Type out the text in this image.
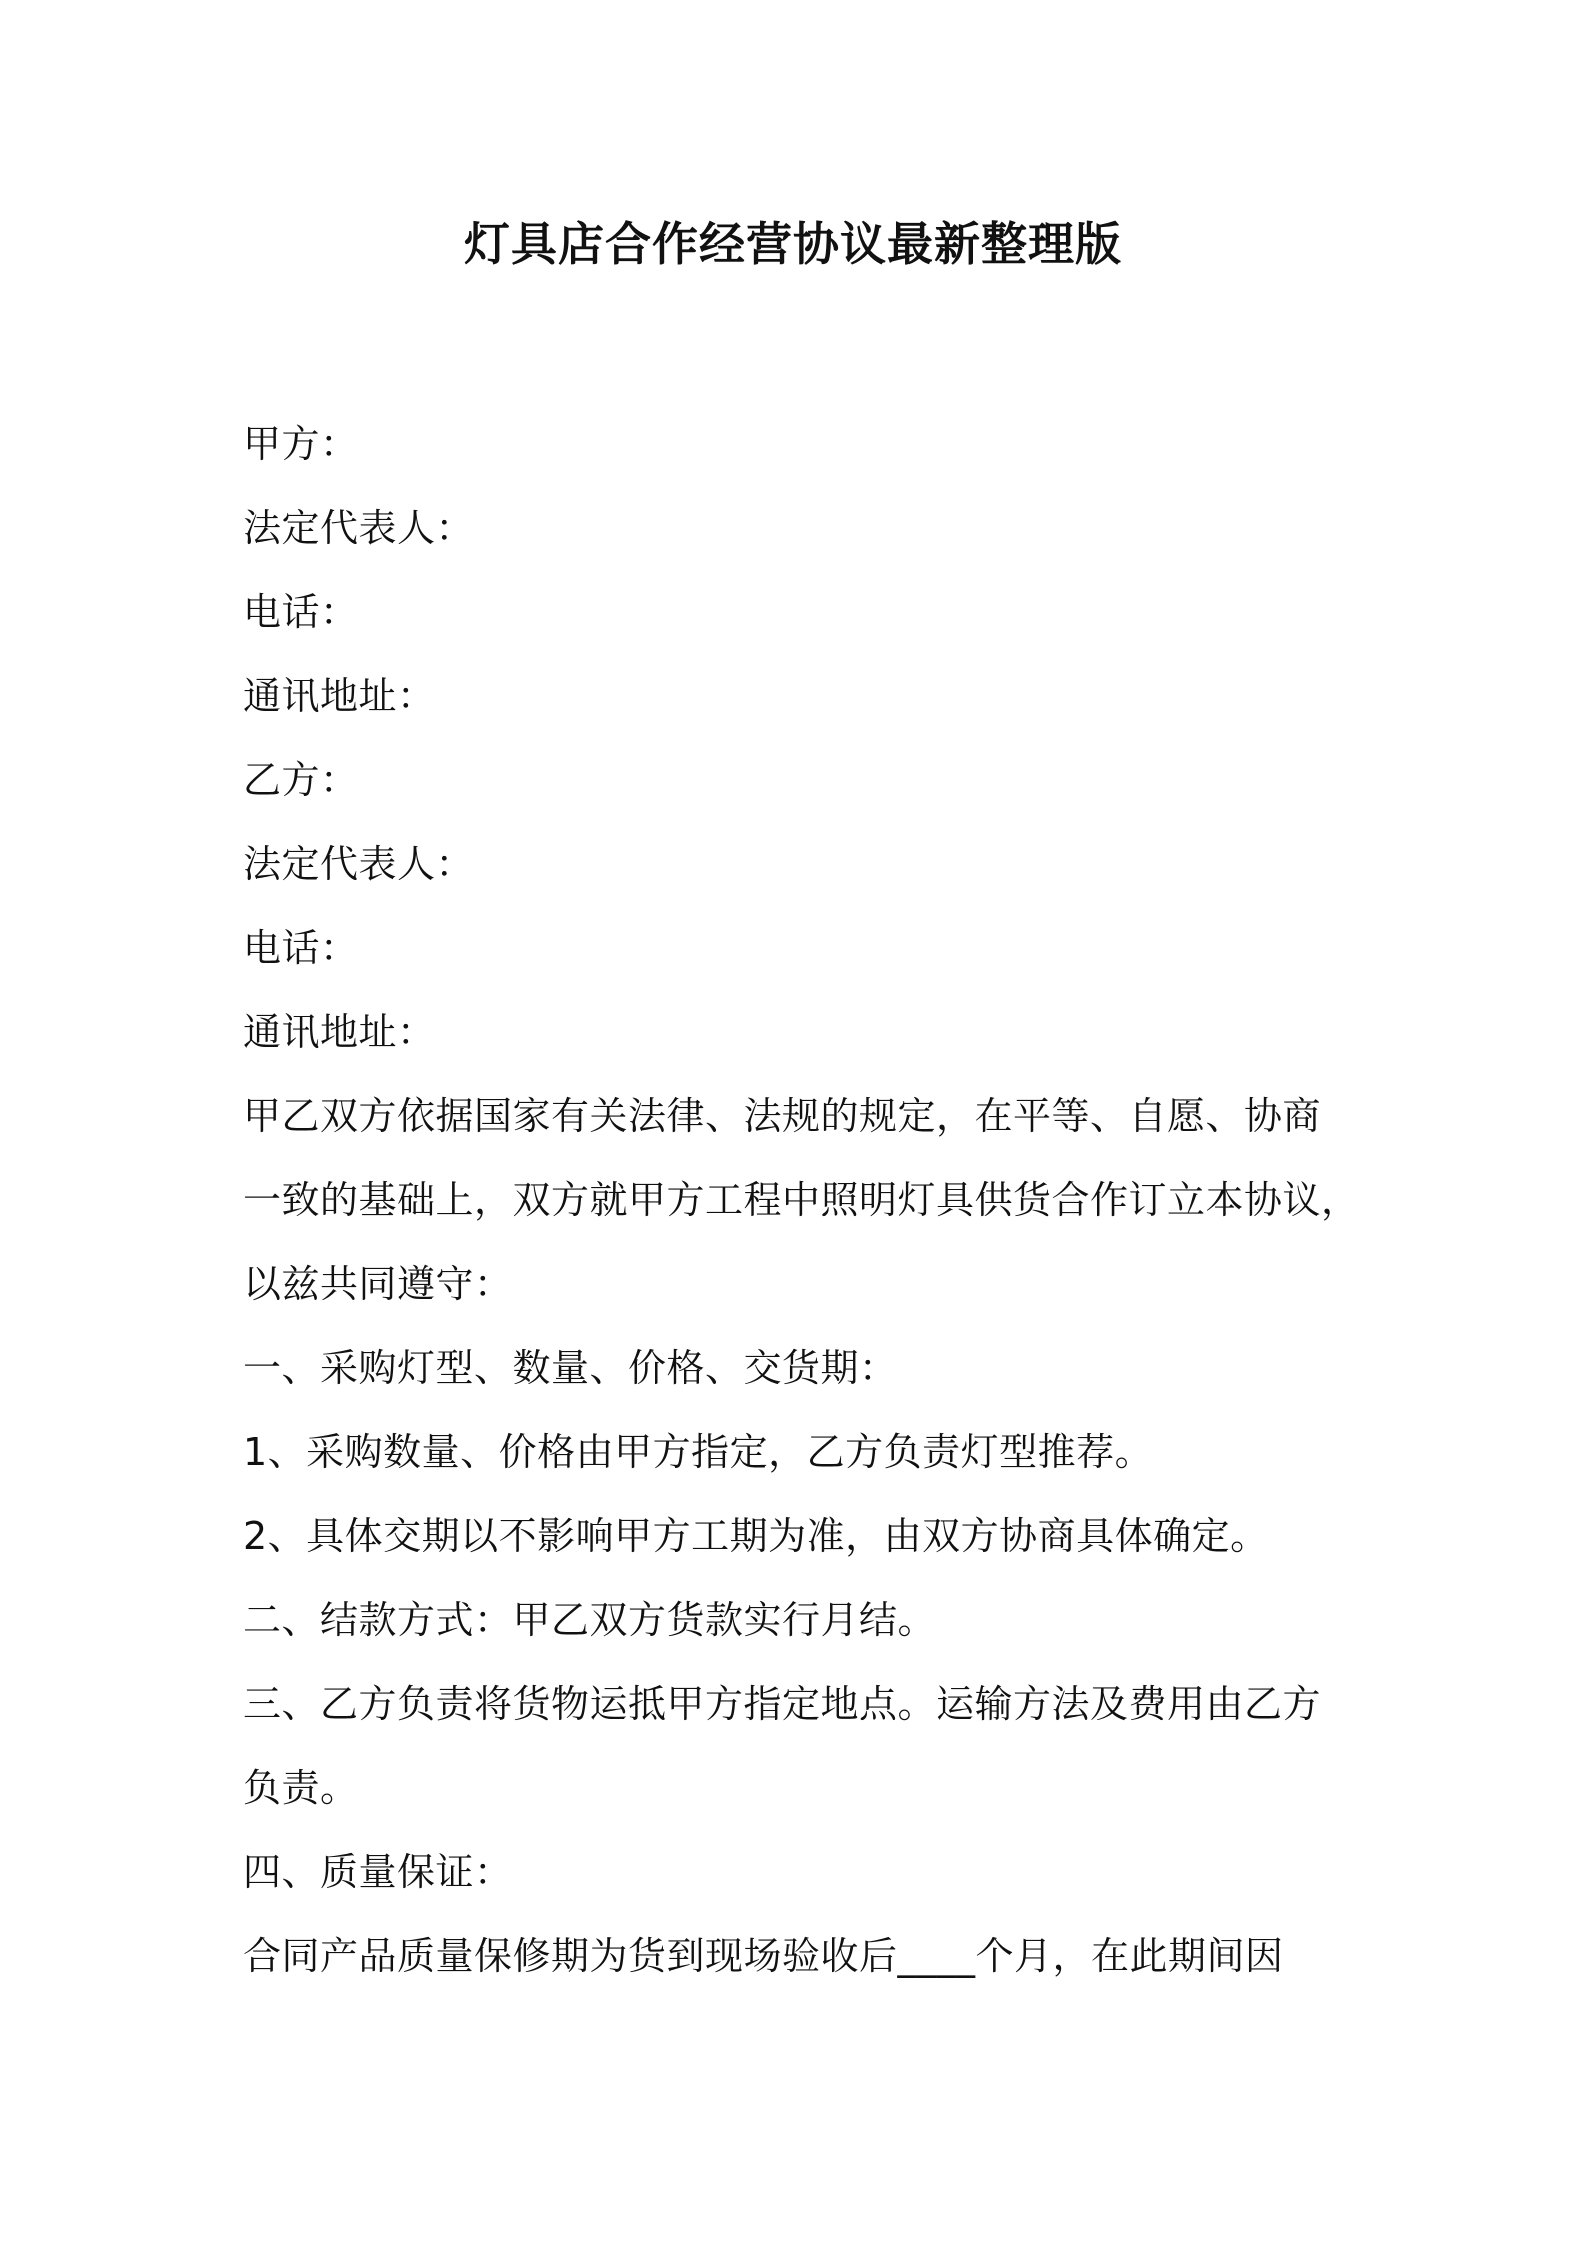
灯具店合作经营协议最新整理版
甲方：
法定代表人：
电话：
通讯地址：
乙方：
法定代表人：
电话：
通讯地址：
甲乙双方依据国家有关法律、法规的规定，在平等、自愿、协商
一致的基础上，双方就甲方工程中照明灯具供货合作订立本协议，
以兹共同遵守：
一、采购灯型、数量、价格、交货期：
1、采购数量、价格由甲方指定，乙方负责灯型推荐。
2、具体交期以不影响甲方工期为准，由双方协商具体确定。
二、结款方式：甲乙双方货款实行月结。
三、乙方负责将货物运抵甲方指定地点。运输方法及费用由乙方
负责。
四、质量保证：
合同产品质量保修期为货到现场验收后____个月，在此期间因
